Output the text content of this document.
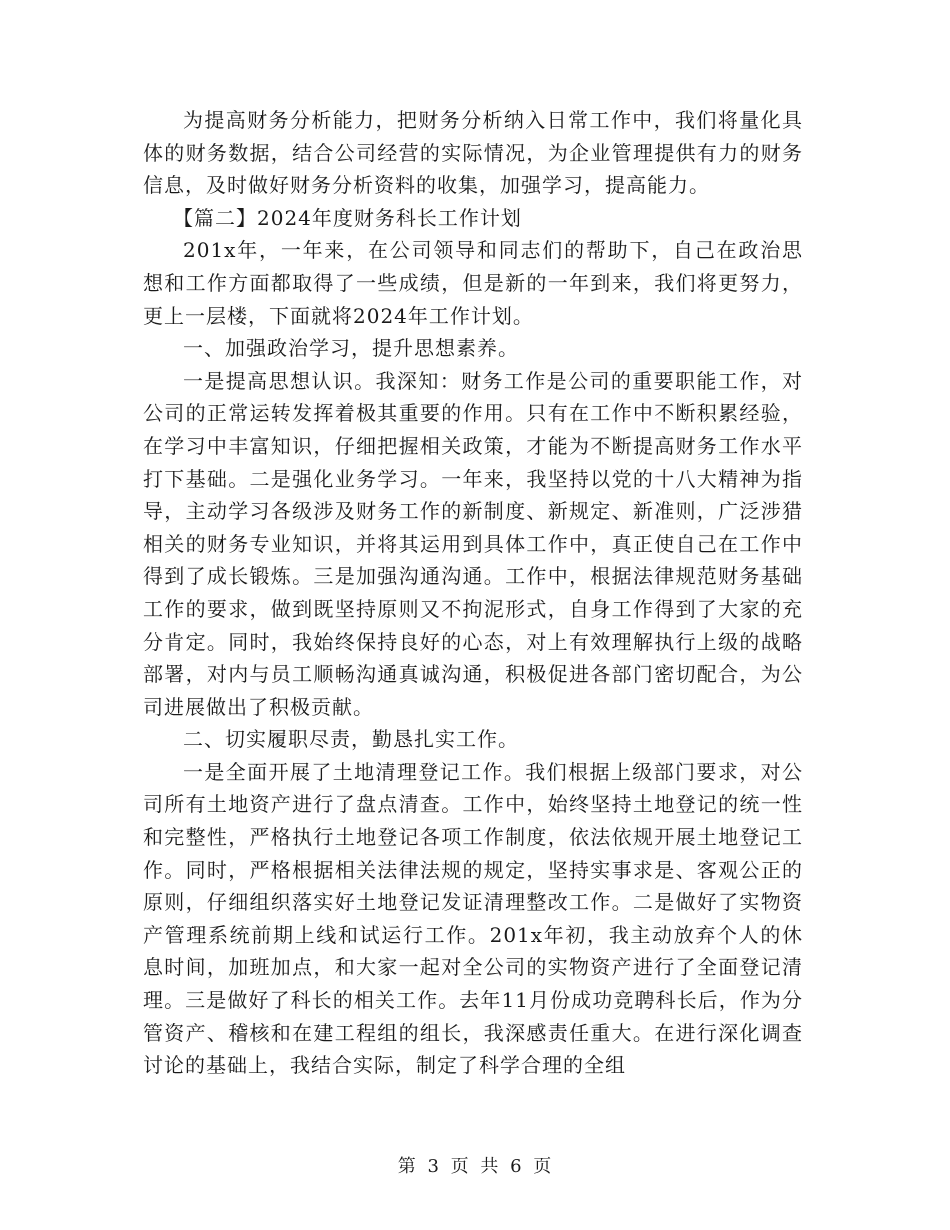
为提高财务分析能力，把财务分析纳入日常工作中，我们将量化具体的财务数据，结合公司经营的实际情况，为企业管理提供有力的财务信息，及时做好财务分析资料的收集，加强学习，提高能力。

【篇二】2024年度财务科长工作计划

201x年，一年来，在公司领导和同志们的帮助下，自己在政治思想和工作方面都取得了一些成绩，但是新的一年到来，我们将更努力，更上一层楼，下面就将2024年工作计划。

一、加强政治学习，提升思想素养。

一是提高思想认识。我深知：财务工作是公司的重要职能工作，对公司的正常运转发挥着极其重要的作用。只有在工作中不断积累经验，在学习中丰富知识，仔细把握相关政策，才能为不断提高财务工作水平打下基础。二是强化业务学习。一年来，我坚持以党的十八大精神为指导，主动学习各级涉及财务工作的新制度、新规定、新准则，广泛涉猎相关的财务专业知识，并将其运用到具体工作中，真正使自己在工作中得到了成长锻炼。三是加强沟通沟通。工作中，根据法律规范财务基础工作的要求，做到既坚持原则又不拘泥形式，自身工作得到了大家的充分肯定。同时，我始终保持良好的心态，对上有效理解执行上级的战略部署，对内与员工顺畅沟通真诚沟通，积极促进各部门密切配合，为公司进展做出了积极贡献。

二、切实履职尽责，勤恳扎实工作。

一是全面开展了土地清理登记工作。我们根据上级部门要求，对公司所有土地资产进行了盘点清查。工作中，始终坚持土地登记的统一性和完整性，严格执行土地登记各项工作制度，依法依规开展土地登记工作。同时，严格根据相关法律法规的规定，坚持实事求是、客观公正的原则，仔细组织落实好土地登记发证清理整改工作。二是做好了实物资产管理系统前期上线和试运行工作。201x年初，我主动放弃个人的休息时间，加班加点，和大家一起对全公司的实物资产进行了全面登记清理。三是做好了科长的相关工作。去年11月份成功竞聘科长后，作为分管资产、稽核和在建工程组的组长，我深感责任重大。在进行深化调查讨论的基础上，我结合实际，制定了科学合理的全组

第 3 页 共 6 页
